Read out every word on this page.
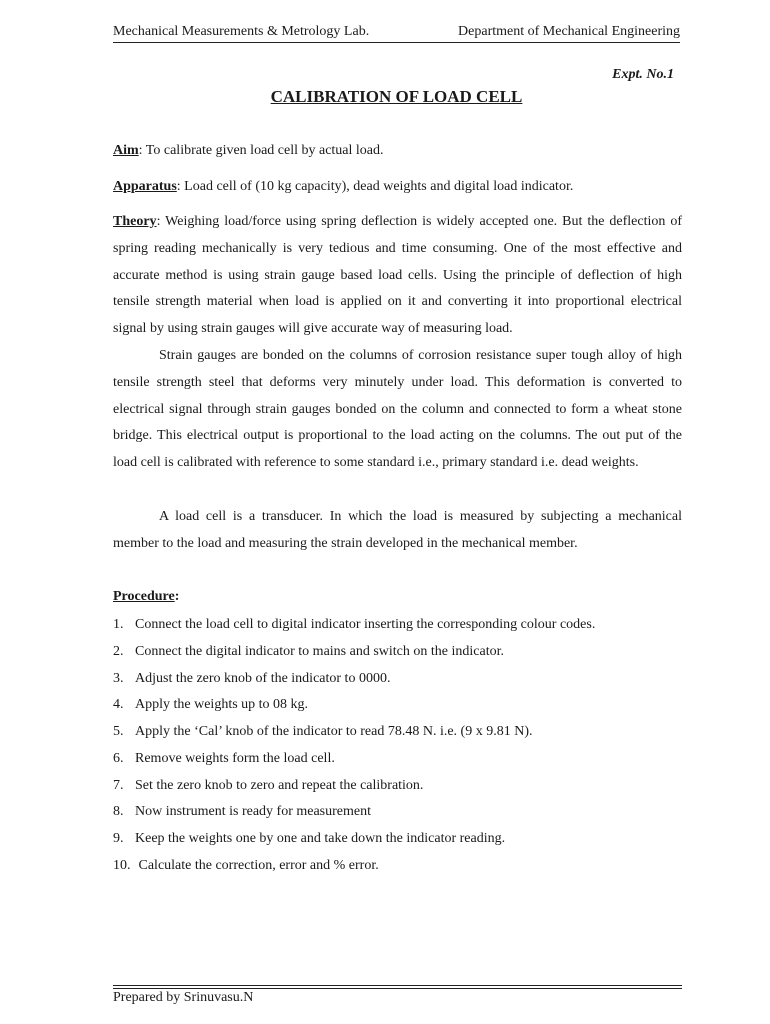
Mechanical Measurements & Metrology Lab.	Department of Mechanical Engineering
Expt. No.1
CALIBRATION OF LOAD CELL

Aim: To calibrate given load cell by actual load.

Apparatus: Load cell of (10 kg capacity), dead weights and digital load indicator.

Theory: Weighing load/force using spring deflection is widely accepted one. But the deflection of spring reading mechanically is very tedious and time consuming. One of the most effective and accurate method is using strain gauge based load cells. Using the principle of deflection of high tensile strength material when load is applied on it and converting it into proportional electrical signal by using strain gauges will give accurate way of measuring load.

Strain gauges are bonded on the columns of corrosion resistance super tough alloy of high tensile strength steel that deforms very minutely under load. This deformation is converted to electrical signal through strain gauges bonded on the column and connected to form a wheat stone bridge. This electrical output is proportional to the load acting on the columns. The out put of the load cell is calibrated with reference to some standard i.e., primary standard i.e. dead weights.

A load cell is a transducer. In which the load is measured by subjecting a mechanical member to the load and measuring the strain developed in the mechanical member.

Procedure:
1. Connect the load cell to digital indicator inserting the corresponding colour codes.
2. Connect the digital indicator to mains and switch on the indicator.
3. Adjust the zero knob of the indicator to 0000.
4. Apply the weights up to 08 kg.
5. Apply the ‘Cal’ knob of the indicator to read 78.48 N. i.e. (9 x 9.81 N).
6. Remove weights form the load cell.
7. Set the zero knob to zero and repeat the calibration.
8. Now instrument is ready for measurement
9. Keep the weights one by one and take down the indicator reading.
10. Calculate the correction, error and % error.
Prepared by Srinuvasu.N
